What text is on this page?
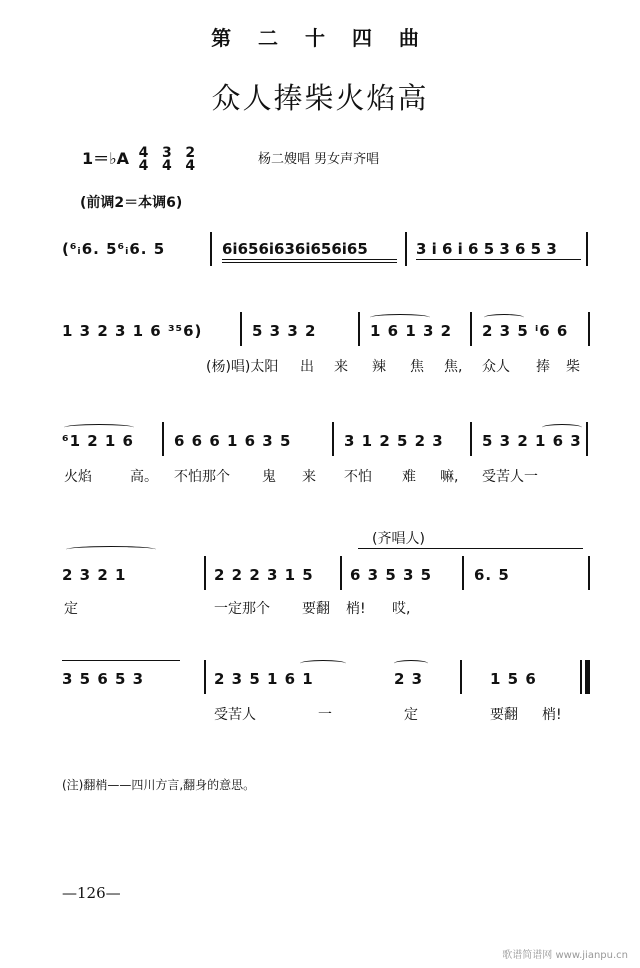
第 二 十 四 曲
众人捧柴火焰高
1＝♭A 4
4

3
4

2
4	杨二嫂唱 男女声齐唱
(前调2＝本调6)
(⁶ᵢ6. 5⁶ᵢ6. 5	6i656i636i656i65	3 i 6 i 6 5 3 6 5 3
1 3 2 3 1 6 ³⁵6)	5 3 3 2	1 6 1 3 2 2 3 5 ⁱ6 6
(杨)唱)太阳 出 来 辣 焦 焦, 众人 捧 柴
⁶1 2 1 6	6 6 6 1 6 3 5	3 1 2 5 2 3	5 3 2 1 6 3
火焰	高。 不怕那个 鬼 来 不怕 难 嘛, 受苦人一
(齐唱人)
2 3 2 1	2 2 2 3 1 5 6 3 5 3 5	6. 5
定	一定那个 要翻 梢! 哎,
3 5 6 5 3	2 3 5 1 6 1	2 3	1 5 6
受苦人	一	定	要翻 梢!
(注)翻梢——四川方言,翻身的意思。
—126—
歌谱简谱网 www.jianpu.cn
